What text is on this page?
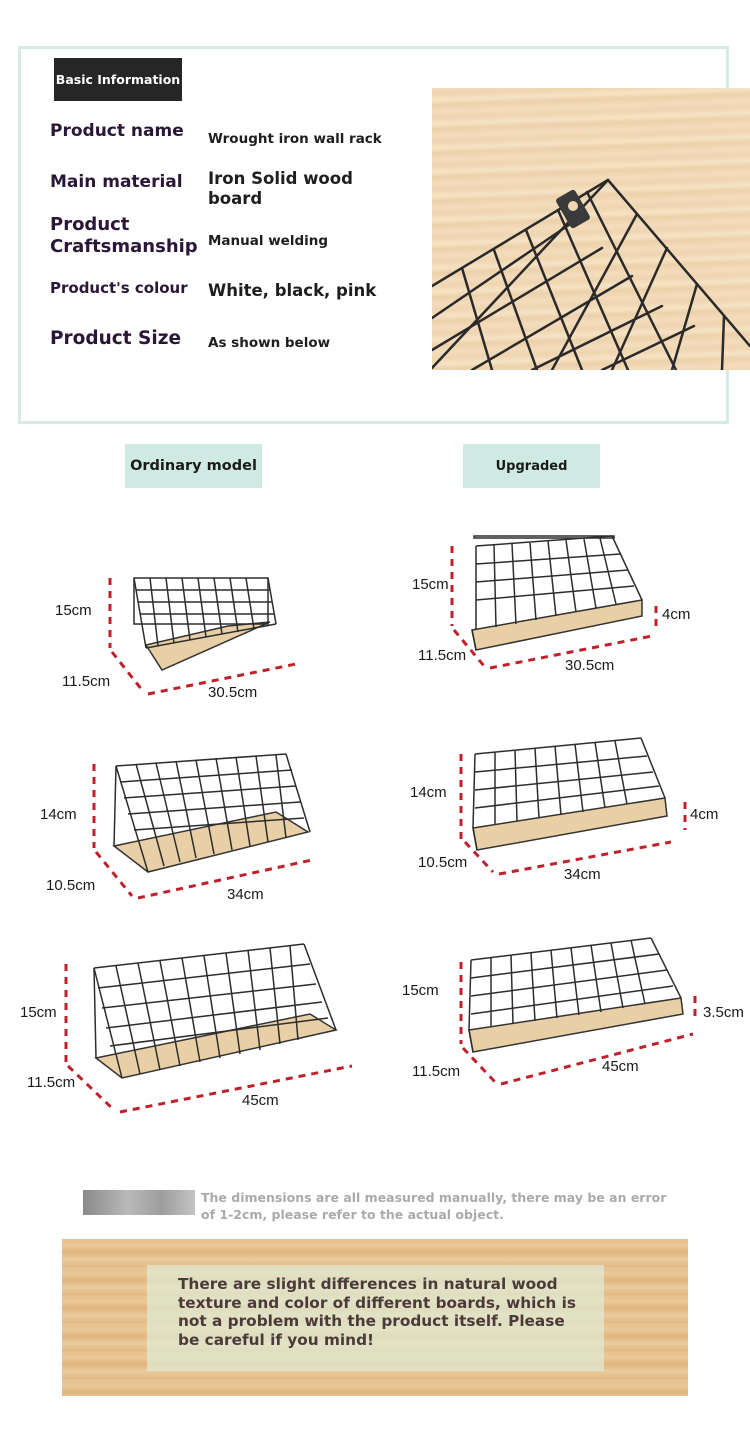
Basic Information
Product name Wrought iron wall rack
Main material Iron Solid wood board
Product Craftsmanship Manual welding
Product's colour White, black, pink
Product Size As shown below
Ordinary model	Upgraded
15cm
11.5cm
30.5cm
14cm
10.5cm
34cm
15cm
11.5cm
45cm
15cm
11.5cm
30.5cm
4cm
14cm
10.5cm
34cm
4cm
15cm
11.5cm	45cm
3.5cm
The dimensions are all measured manually, there may be an error of 1-2cm, please refer to the actual object.
There are slight differences in natural wood texture and color of different boards, which is not a problem with the product itself. Please be careful if you mind!
